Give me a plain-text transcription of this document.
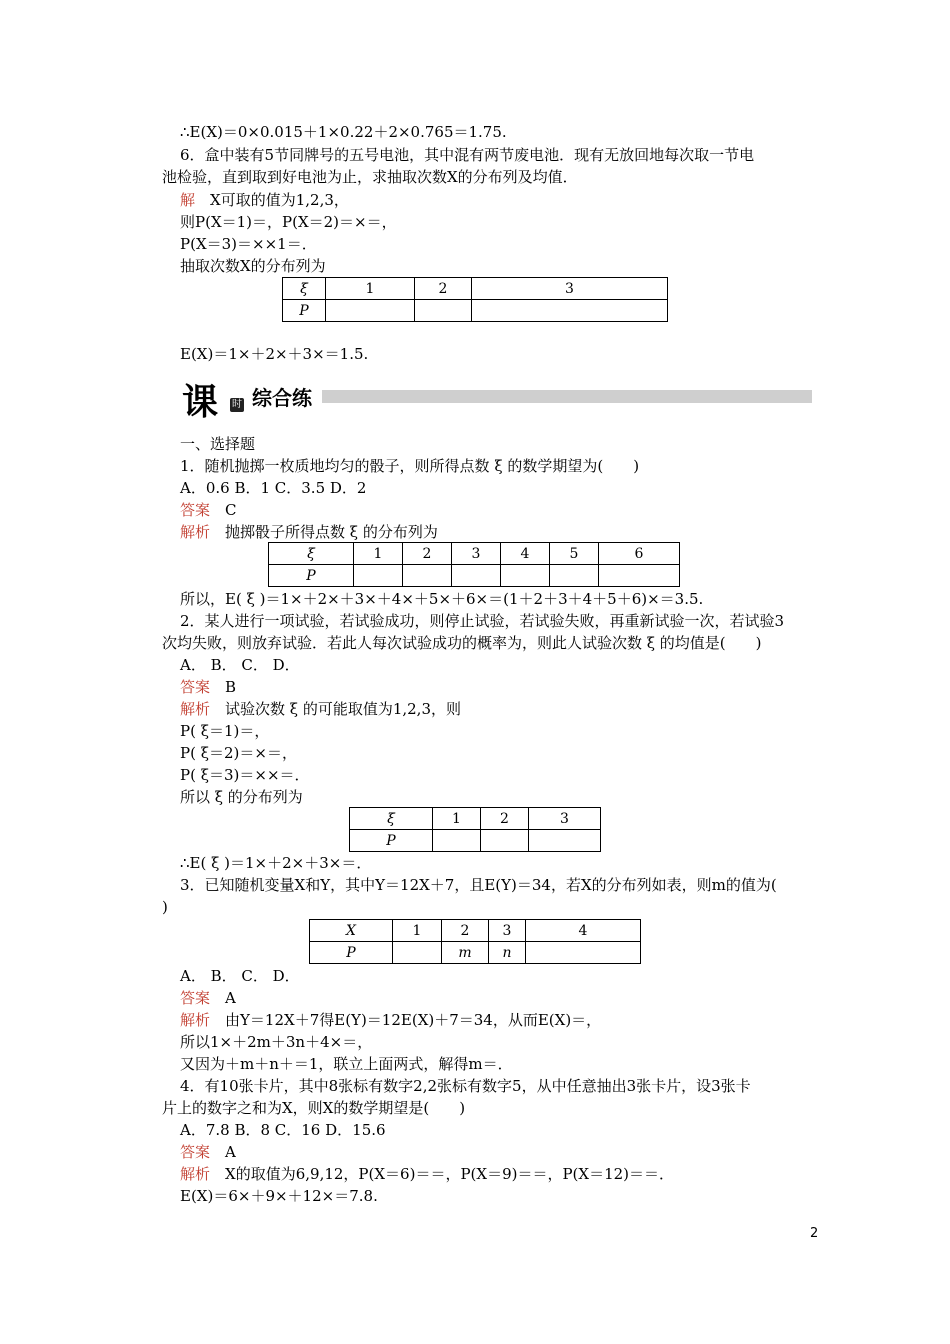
∴E(X)＝0×0.015＋1×0.22＋2×0.765＝1.75.
6．盒中装有5节同牌号的五号电池，其中混有两节废电池．现有无放回地每次取一节电
池检验，直到取到好电池为止，求抽取次数X的分布列及均值．
解　 X可取的值为1,2,3，
则P(X＝1)＝，P(X＝2)＝×＝，
P(X＝3)＝××1＝．
抽取次数X的分布列为
ξ	1	2	3
P			
E(X)＝1×＋2×＋3×＝1.5.
课 时 综合练
一、选择题
1．随机抛掷一枚质地均匀的骰子，则所得点数 ξ 的数学期望为(　　)
A．0.6 B．1 C．3.5 D．2
答案　 C
解析　 抛掷骰子所得点数 ξ 的分布列为
ξ	1	2	3	4	5	6
P						
所以，E( ξ )＝1×＋2×＋3×＋4×＋5×＋6×＝(1＋2＋3＋4＋5＋6)×＝3.5.
2．某人进行一项试验，若试验成功，则停止试验，若试验失败，再重新试验一次，若试验3
次均失败，则放弃试验．若此人每次试验成功的概率为，则此人试验次数 ξ 的均值是(　　)
A． B． C． D．
答案　 B
解析　 试验次数 ξ 的可能取值为1,2,3，则
P( ξ＝1)＝，
P( ξ＝2)＝×＝，
P( ξ＝3)＝××＝．
所以 ξ 的分布列为
ξ	1	2	3
P			
∴E( ξ )＝1×＋2×＋3×＝．
3．已知随机变量X和Y，其中Y＝12X＋7，且E(Y)＝34，若X的分布列如表，则m的值为(
)
X	1	2	3	4
P		m	n	
A． B． C． D．
答案　 A
解析　 由Y＝12X＋7得E(Y)＝12E(X)＋7＝34，从而E(X)＝，
所以1×＋2m＋3n＋4×＝，
又因为＋m＋n＋＝1，联立上面两式，解得m＝．
4．有10张卡片，其中8张标有数字2,2张标有数字5，从中任意抽出3张卡片，设3张卡
片上的数字之和为X，则X的数学期望是(　　)
A．7.8 B．8 C．16 D．15.6
答案　 A
解析　 X的取值为6,9,12，P(X＝6)＝＝，P(X＝9)＝＝，P(X＝12)＝＝．
E(X)＝6×＋9×＋12×＝7.8.
2
